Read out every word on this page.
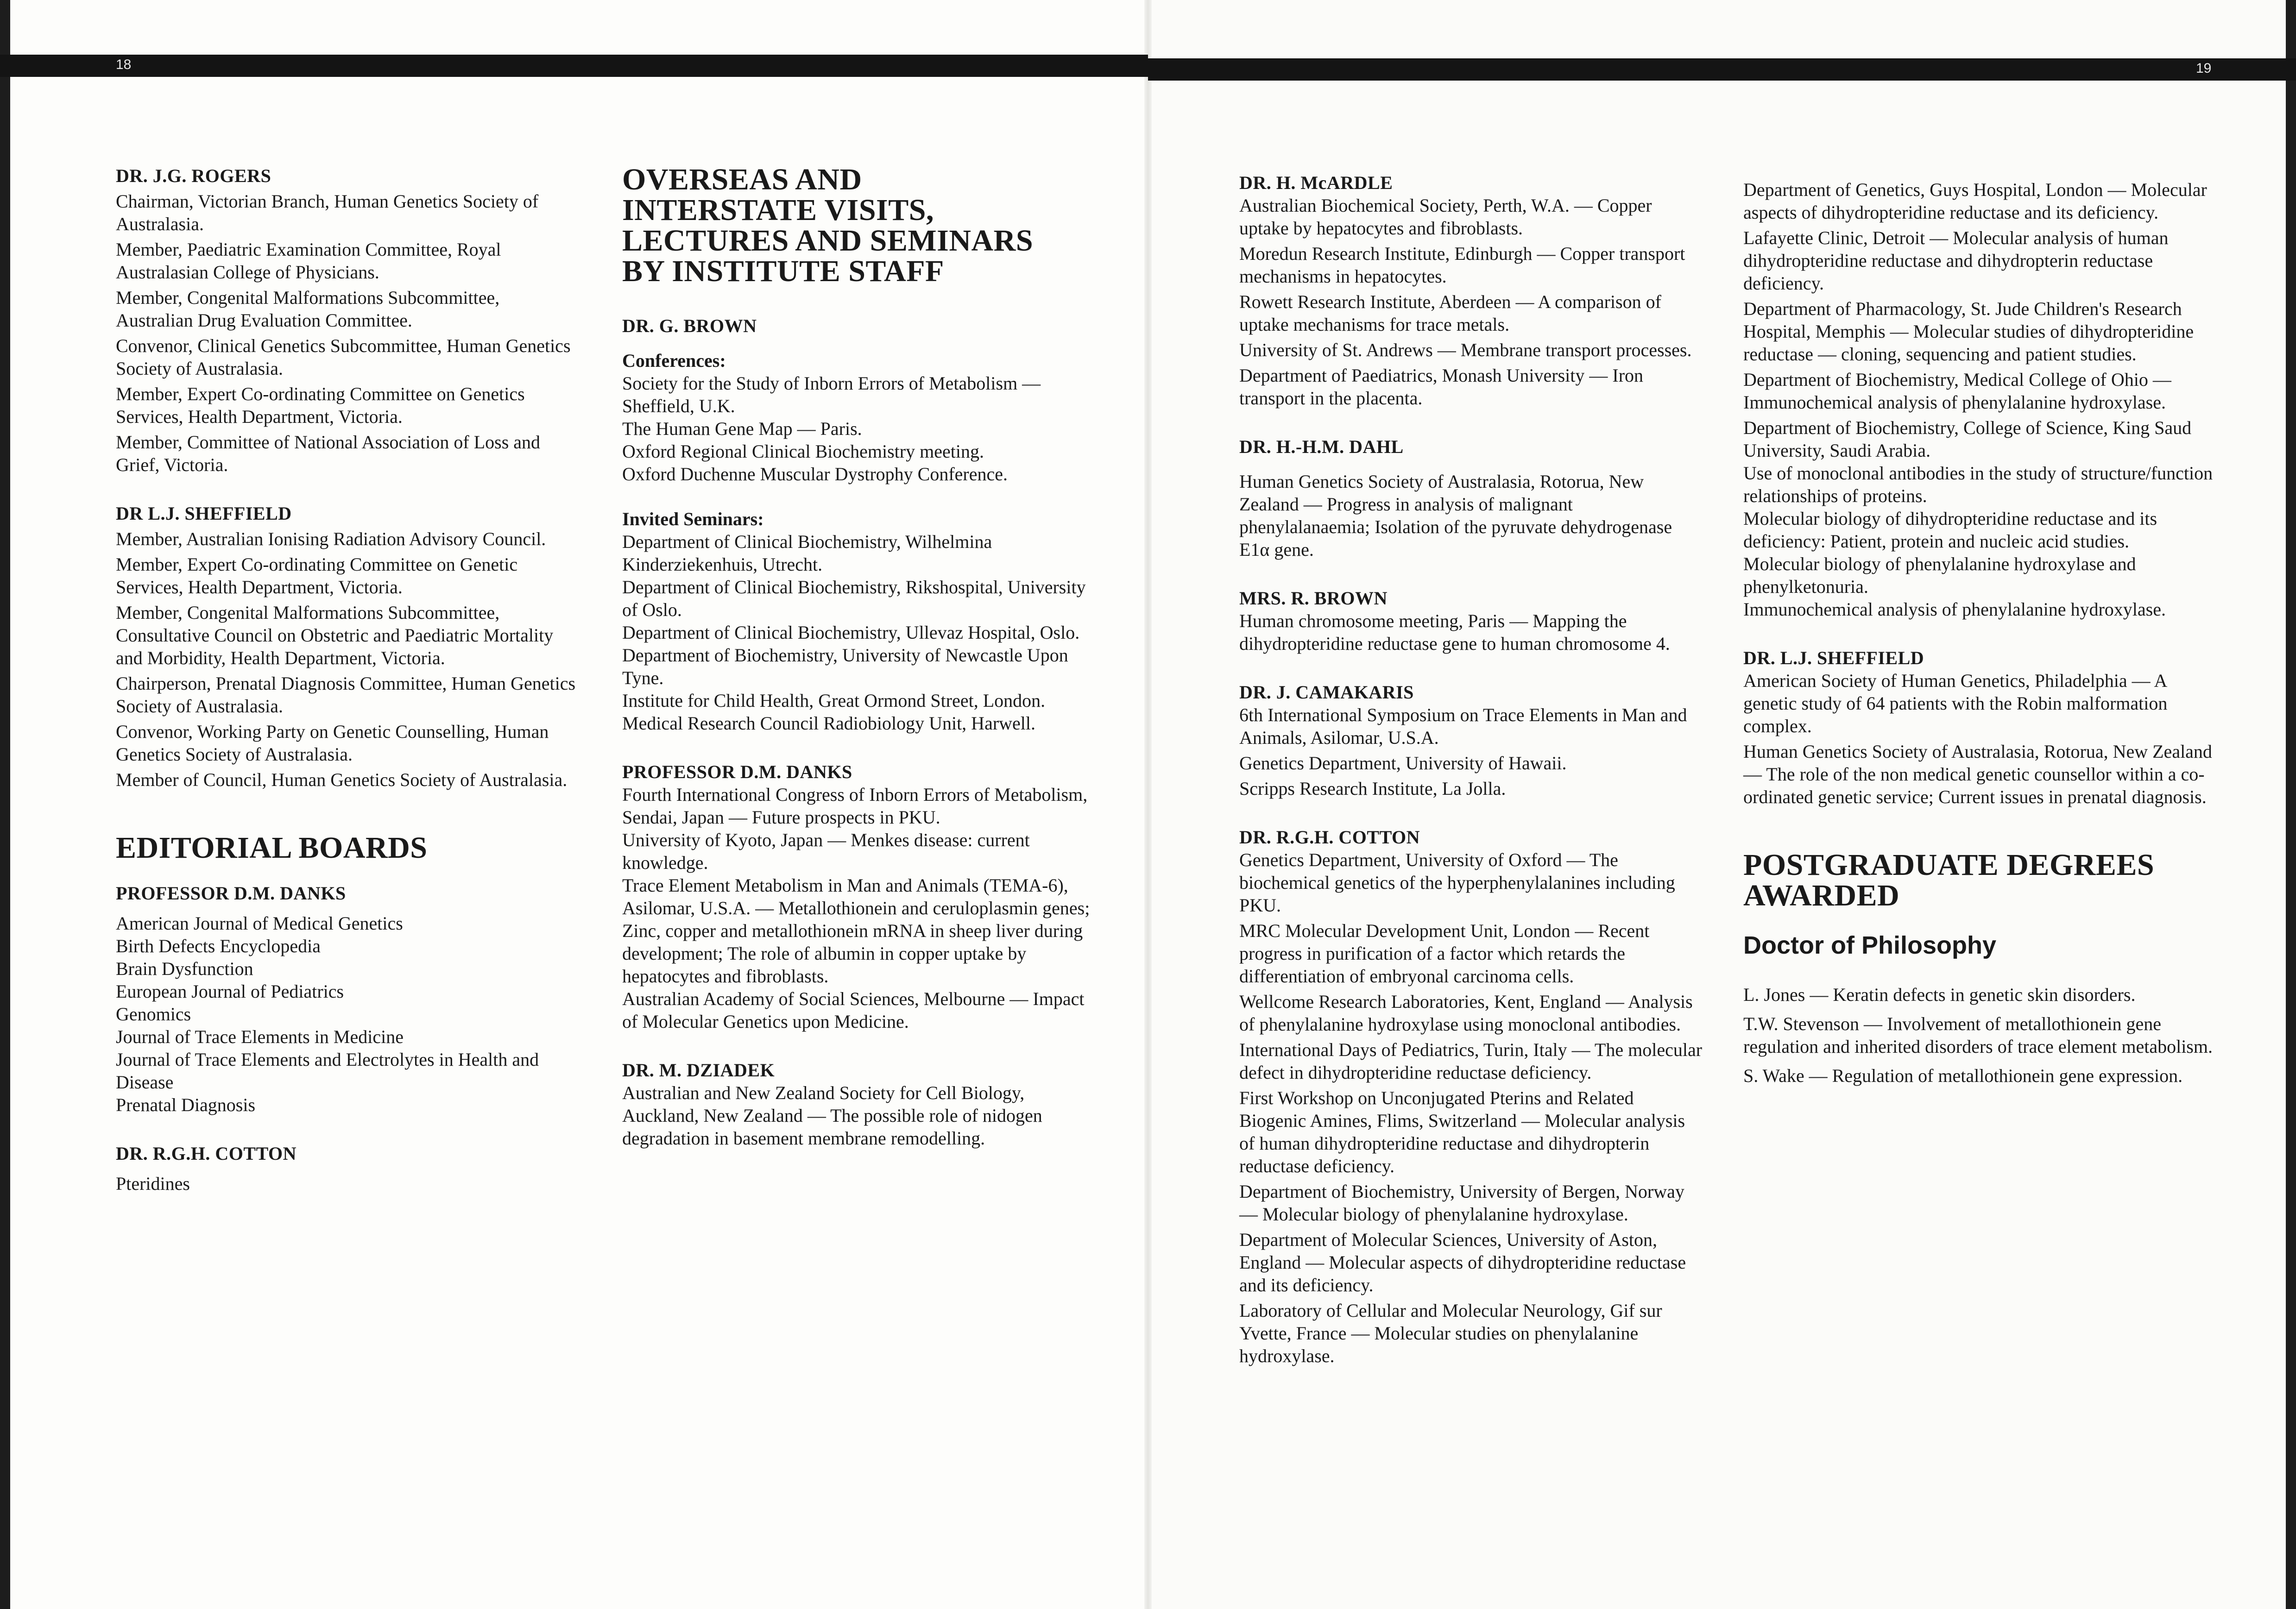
18	19

DR. J.G. ROGERS

Chairman, Victorian Branch, Human Genetics Society of Australasia.

Member, Paediatric Examination Committee, Royal Australasian College of Physicians.

Member, Congenital Malformations Subcommittee, Australian Drug Evaluation Committee.

Convenor, Clinical Genetics Subcommittee, Human Genetics Society of Australasia.

Member, Expert Co-ordinating Committee on Genetics Services, Health Department, Victoria.

Member, Committee of National Association of Loss and Grief, Victoria.

DR L.J. SHEFFIELD

Member, Australian Ionising Radiation Advisory Council.

Member, Expert Co-ordinating Committee on Genetic Services, Health Department, Victoria.

Member, Congenital Malformations Subcommittee, Consultative Council on Obstetric and Paediatric Mortality and Morbidity, Health Department, Victoria.

Chairperson, Prenatal Diagnosis Committee, Human Genetics Society of Australasia.

Convenor, Working Party on Genetic Counselling, Human Genetics Society of Australasia.

Member of Council, Human Genetics Society of Australasia.

EDITORIAL BOARDS

PROFESSOR D.M. DANKS

American Journal of Medical Genetics

Birth Defects Encyclopedia

Brain Dysfunction

European Journal of Pediatrics

Genomics

Journal of Trace Elements in Medicine

Journal of Trace Elements and Electrolytes in Health and Disease

Prenatal Diagnosis

DR. R.G.H. COTTON

Pteridines

OVERSEAS AND

INTERSTATE VISITS,

LECTURES AND SEMINARS

BY INSTITUTE STAFF

DR. G. BROWN

Conferences:

Society for the Study of Inborn Errors of Metabolism — Sheffield, U.K.

The Human Gene Map — Paris.

Oxford Regional Clinical Biochemistry meeting.

Oxford Duchenne Muscular Dystrophy Conference.

Invited Seminars:

Department of Clinical Biochemistry, Wilhelmina Kinderziekenhuis, Utrecht.

Department of Clinical Biochemistry, Rikshospital, University of Oslo.

Department of Clinical Biochemistry, Ullevaz Hospital, Oslo.

Department of Biochemistry, University of Newcastle Upon Tyne.

Institute for Child Health, Great Ormond Street, London.

Medical Research Council Radiobiology Unit, Harwell.

PROFESSOR D.M. DANKS

Fourth International Congress of Inborn Errors of Metabolism, Sendai, Japan — Future prospects in PKU.

University of Kyoto, Japan — Menkes disease: current knowledge.

Trace Element Metabolism in Man and Animals (TEMA-6), Asilomar, U.S.A. — Metallothionein and ceruloplasmin genes; Zinc, copper and metallothionein mRNA in sheep liver during development; The role of albumin in copper uptake by hepatocytes and fibroblasts.

Australian Academy of Social Sciences, Melbourne — Impact of Molecular Genetics upon Medicine.

DR. M. DZIADEK

Australian and New Zealand Society for Cell Biology, Auckland, New Zealand — The possible role of nidogen degradation in basement membrane remodelling.

DR. H. McARDLE

Australian Biochemical Society, Perth, W.A. — Copper uptake by hepatocytes and fibroblasts.

Moredun Research Institute, Edinburgh — Copper transport mechanisms in hepatocytes.

Rowett Research Institute, Aberdeen — A comparison of uptake mechanisms for trace metals.

University of St. Andrews — Membrane transport processes.

Department of Paediatrics, Monash University — Iron transport in the placenta.

DR. H.-H.M. DAHL

Human Genetics Society of Australasia, Rotorua, New Zealand — Progress in analysis of malignant phenylalanaemia; Isolation of the pyruvate dehydrogenase E1α gene.

MRS. R. BROWN

Human chromosome meeting, Paris — Mapping the dihydropteridine reductase gene to human chromosome 4.

DR. J. CAMAKARIS

6th International Symposium on Trace Elements in Man and Animals, Asilomar, U.S.A.

Genetics Department, University of Hawaii.

Scripps Research Institute, La Jolla.

DR. R.G.H. COTTON

Genetics Department, University of Oxford — The biochemical genetics of the hyperphenylalanines including PKU.

MRC Molecular Development Unit, London — Recent progress in purification of a factor which retards the differentiation of embryonal carcinoma cells.

Wellcome Research Laboratories, Kent, England — Analysis of phenylalanine hydroxylase using monoclonal antibodies.

International Days of Pediatrics, Turin, Italy — The molecular defect in dihydropteridine reductase deficiency.

First Workshop on Unconjugated Pterins and Related Biogenic Amines, Flims, Switzerland — Molecular analysis of human dihydropteridine reductase and dihydropterin reductase deficiency.

Department of Biochemistry, University of Bergen, Norway — Molecular biology of phenylalanine hydroxylase.

Department of Molecular Sciences, University of Aston, England — Molecular aspects of dihydropteridine reductase and its deficiency.

Laboratory of Cellular and Molecular Neurology, Gif sur Yvette, France — Molecular studies on phenylalanine hydroxylase.

Department of Genetics, Guys Hospital, London — Molecular aspects of dihydropteridine reductase and its deficiency.

Lafayette Clinic, Detroit — Molecular analysis of human dihydropteridine reductase and dihydropterin reductase deficiency.

Department of Pharmacology, St. Jude Children's Research Hospital, Memphis — Molecular studies of dihydropteridine reductase — cloning, sequencing and patient studies.

Department of Biochemistry, Medical College of Ohio — Immunochemical analysis of phenylalanine hydroxylase.

Department of Biochemistry, College of Science, King Saud University, Saudi Arabia.

Use of monoclonal antibodies in the study of structure/function relationships of proteins.

Molecular biology of dihydropteridine reductase and its deficiency: Patient, protein and nucleic acid studies.

Molecular biology of phenylalanine hydroxylase and phenylketonuria.

Immunochemical analysis of phenylalanine hydroxylase.

DR. L.J. SHEFFIELD

American Society of Human Genetics, Philadelphia — A genetic study of 64 patients with the Robin malformation complex.

Human Genetics Society of Australasia, Rotorua, New Zealand — The role of the non medical genetic counsellor within a co-ordinated genetic service; Current issues in prenatal diagnosis.

POSTGRADUATE DEGREES

AWARDED

Doctor of Philosophy

L. Jones — Keratin defects in genetic skin disorders.

T.W. Stevenson — Involvement of metallothionein gene regulation and inherited disorders of trace element metabolism.

S. Wake — Regulation of metallothionein gene expression.
